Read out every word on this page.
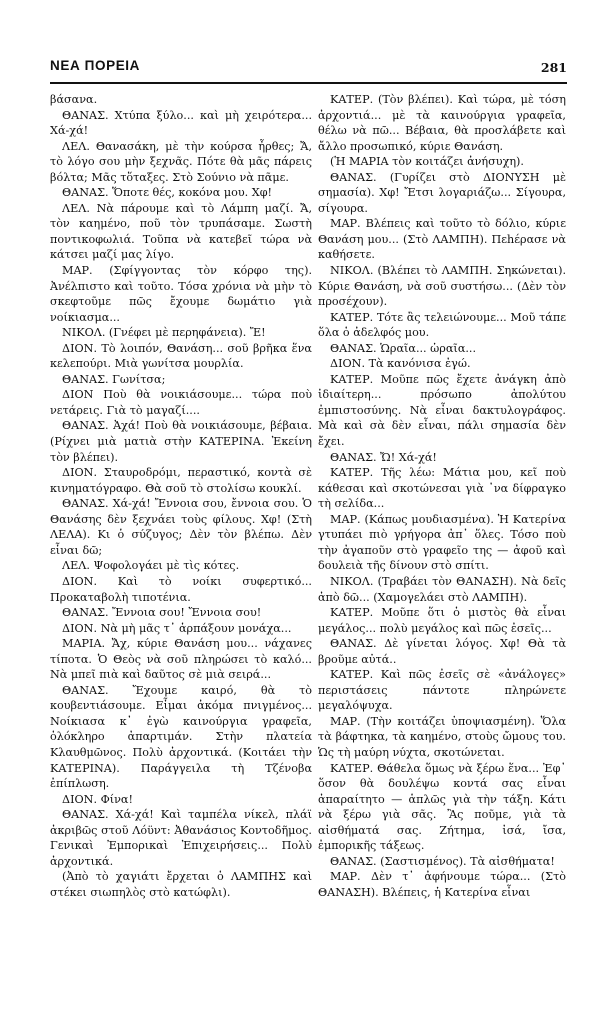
ΝΕΑ ΠΟΡΕΙΑ	281

βάσανα.

ΘΑΝΑΣ. Χτύπα ξύλο... καὶ μὴ χειρότερα... Χά-χά!

ΛΕΛ. Θανασάκη, μὲ τὴν κούρσα ἦρθες; Ἄ, τὸ λόγο σου μὴν ξεχνᾶς. Πότε θὰ μᾶς πάρεις βόλτα; Μᾶς τὅταξες. Στὸ Σούνιο νὰ πᾶμε.

ΘΑΝΑΣ. Ὅποτε θές, κοκόνα μου. Χφ!

ΛΕΛ. Νὰ πάρουμε καὶ τὸ Λάμπη μαζί. Ἄ, τὸν καημένο, ποῦ τὸν τρυπάσαμε. Σωστὴ ποντικοφωλιά. Τοῦπα νὰ κατεβεῖ τώρα νὰ κάτσει μαζί μας λίγο.

ΜΑΡ. (Σφίγγοντας τὸν κόρφο της). Ἀνέλπιστο καὶ τοῦτο. Τόσα χρόνια νὰ μὴν τὸ σκεφτοῦμε πῶς ἔχουμε δωμάτιο γιὰ νοίκιασμα...

ΝΙΚΟΛ. (Γνέφει μὲ περηφάνεια). Ἔ!

ΔΙΟΝ. Τὸ λοιπόν, Θανάση... σοῦ βρῆκα ἕνα κελεπούρι. Μιὰ γωνίτσα μουρλία.

ΘΑΝΑΣ. Γωνίτσα;

ΔΙΟΝ Ποὺ θὰ νοικιάσουμε... τώρα ποὺ νετάρεις. Γιὰ τὸ μαγαζί....

ΘΑΝΑΣ. Ἀχά! Ποὺ θὰ νοικιάσουμε, βέβαια. (Ρίχνει μιὰ ματιὰ στὴν ΚΑΤΕΡΙΝΑ. Ἐκείνη τὸν βλέπει).

ΔΙΟΝ. Σταυροδρόμι, περαστικό, κοντὰ σὲ κινηματόγραφο. Θὰ σοῦ τὸ στολίσω κουκλί.

ΘΑΝΑΣ. Χά-χά! Ἔννοια σου, ἔννοια σου. Ὁ Θανάσης δὲν ξεχνάει τοὺς φίλους. Χφ! (Στὴ ΛΕΛΑ). Κι ὁ σύζυγος; Δὲν τὸν βλέπω. Δὲν εἶναι δῶ;

ΛΕΛ. Ψοφολογάει μὲ τὶς κότες.

ΔΙΟΝ. Καὶ τὸ νοίκι συφερτικό... Προκαταβολὴ τιποτένια.

ΘΑΝΑΣ. Ἔννοια σου! Ἔννοια σου!

ΔΙΟΝ. Νὰ μὴ μᾶς τ᾽ ἁρπάξουν μονάχα...

ΜΑΡΙΑ. Ἄχ, κύριε Θανάση μου... νάχανες τίποτα. Ὁ Θεὸς νὰ σοῦ πληρώσει τὸ καλό... Νὰ μπεῖ πιὰ καὶ δαῦτος σὲ μιὰ σειρά...

ΘΑΝΑΣ. Ἔχουμε καιρό, θὰ τὸ κουβεντιάσουμε. Εἶμαι ἀκόμα πνιγμένος... Νοίκιασα κ᾽ ἐγὼ καινούργια γραφεῖα, ὁλόκληρο ἀπαρτιμάν. Στὴν πλατεία Κλαυθμῶνος. Πολὺ ἀρχοντικά. (Κοιτάει τὴν ΚΑΤΕΡΙΝΑ). Παράγγειλα τὴ Τζένοβα ἐπίπλωση.

ΔΙΟΝ. Φίνα!

ΘΑΝΑΣ. Χά-χά! Καὶ ταμπέλα νίκελ, πλάϊ ἀκριβῶς στοῦ Λόϋντ: Ἀθανάσιος Κοντοδῆμος. Γενικαὶ Ἐμπορικαὶ Ἐπιχειρήσεις... Πολὺ ἀρχοντικά.

(Ἀπὸ τὸ χαγιάτι ἔρχεται ὁ ΛΑΜΠΗΣ καὶ στέκει σιωπηλὸς στὸ κατώφλι).

ΚΑΤΕΡ. (Τὸν βλέπει). Καὶ τώρα, μὲ τόση ἀρχοντιά... μὲ τὰ καινούργια γραφεῖα, θέλω νὰ πῶ... Βέβαια, θὰ προσλάβετε καὶ ἄλλο προσωπικό, κύριε Θανάση.

(Ἡ ΜΑΡΙΑ τὸν κοιτάζει ἀνήσυχη).

ΘΑΝΑΣ. (Γυρίζει στὸ ΔΙΟΝΥΣΗ μὲ σημασία). Χφ! Ἔτσι λογαριάζω... Σίγουρα, σίγουρα.

ΜΑΡ. Βλέπεις καὶ τοῦτο τὸ δόλιο, κύριε Θανάση μου... (Στὸ ΛΑΜΠΗ). Πεhέρασε νὰ καθήσετε.

ΝΙΚΟΛ. (Βλέπει τὸ ΛΑΜΠΗ. Σηκώνεται). Κύριε Θανάση, νὰ σοῦ συστήσω... (Δὲν τὸν προσέχουν).

ΚΑΤΕΡ. Τότε ἂς τελειώνουμε... Μοῦ τάπε ὅλα ὁ ἀδελφός μου.

ΘΑΝΑΣ. Ὡραῖα... ὡραῖα...

ΔΙΟΝ. Τὰ κανόνισα ἐγώ.

ΚΑΤΕΡ. Μοῦπε πῶς ἔχετε ἀνάγκη ἀπὸ ἰδιαίτερη... πρόσωπο ἀπολύτου ἐμπιστοσύνης. Νὰ εἶναι δακτυλογράφος. Μὰ καὶ σὰ δὲν εἶναι, πάλι σημασία δὲν ἔχει.

ΘΑΝΑΣ. Ὤ! Χά-χά!

ΚΑΤΕΡ. Τῆς λέω: Μάτια μου, κεῖ ποὺ κάθεσαι καὶ σκοτώνεσαι γιὰ ᾽να δίφραγκο τὴ σελίδα...

ΜΑΡ. (Κάπως μουδιασμένα). Ἡ Κατερίνα γτυπάει πιὸ γρήγορα ἀπ᾽ ὅλες. Τόσο ποὺ τὴν ἀγαποῦν στὸ γραφεῖο της — ἀφοῦ καὶ δουλειὰ τῆς δίνουν στὸ σπίτι.

ΝΙΚΟΛ. (Τραβάει τὸν ΘΑΝΑΣΗ). Νὰ δεῖς ἀπὸ δῶ... (Χαμογελάει στὸ ΛΑΜΠΗ).

ΚΑΤΕΡ. Μοῦπε ὅτι ὁ μιστὸς θὰ εἶναι μεγάλος... πολὺ μεγάλος καὶ πῶς ἐσεῖς...

ΘΑΝΑΣ. Δὲ γίνεται λόγος. Χφ! Θὰ τὰ βροῦμε αὐτά..

ΚΑΤΕΡ. Καὶ πῶς ἐσεῖς σὲ «ἀνάλογες» περιστάσεις πάντοτε πληρώνετε μεγαλόψυχα.

ΜΑΡ. (Τὴν κοιτάζει ὑποψιασμένη). Ὅλα τὰ βάφτηκα, τὰ καημένο, στοὺς ὤμους του. Ὡς τὴ μαύρη νύχτα, σκοτώνεται.

ΚΑΤΕΡ. Θάθελα ὅμως νὰ ξέρω ἕνα... Ἐφ᾽ ὅσον θὰ δουλέψω κοντά σας εἶναι ἀπαραίτητο — ἁπλῶς γιὰ τὴν τάξη. Κάτι νὰ ξέρω γιὰ σᾶς. Ἂς ποῦμε, γιὰ τὰ αἰσθήματά σας. Ζήτημα, ἰσά, ἴσα, ἐμπορικῆς τάξεως.

ΘΑΝΑΣ. (Σαστισμένος). Τὰ αἰσθήματα!

ΜΑΡ. Δὲν τ᾽ ἀφήνουμε τώρα... (Στὸ ΘΑΝΑΣΗ). Βλέπεις, ἡ Κατερίνα εἶναι
